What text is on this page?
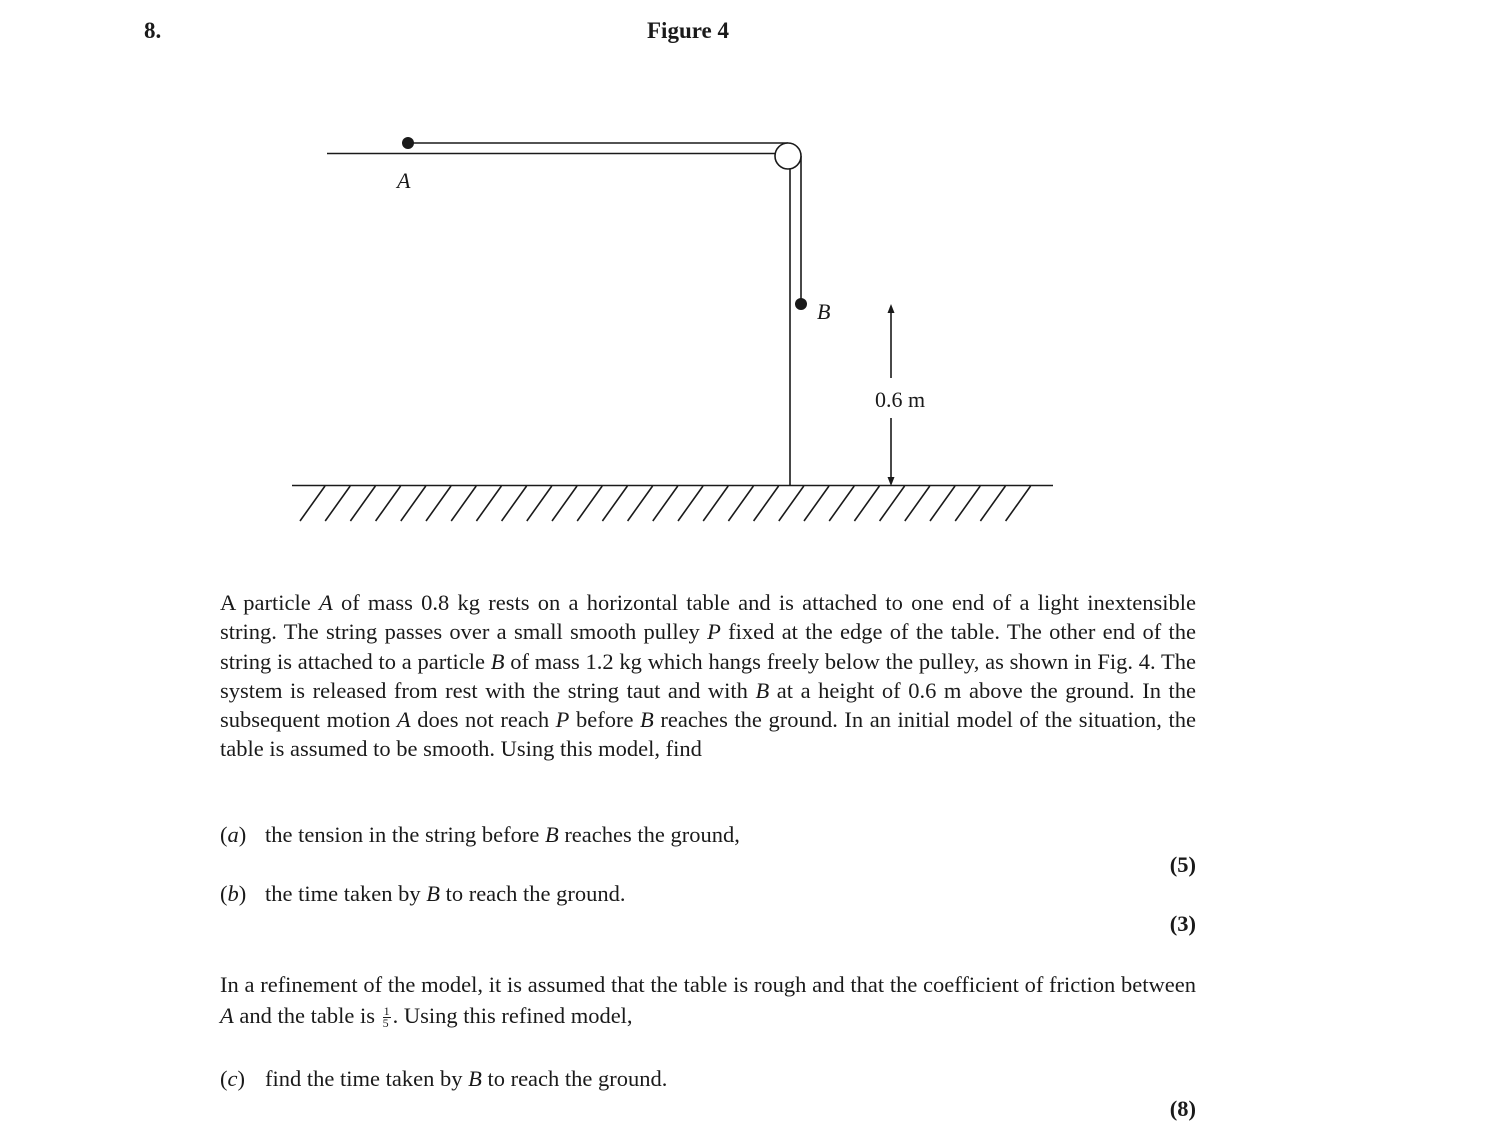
8.	Figure 4
A
B
0.6 m
A particle A of mass 0.8 kg rests on a horizontal table and is attached to one end of a light inextensible string. The string passes over a small smooth pulley P fixed at the edge of the table. The other end of the string is attached to a particle B of mass 1.2 kg which hangs freely below the pulley, as shown in Fig. 4. The system is released from rest with the string taut and with B at a height of 0.6 m above the ground. In the subsequent motion A does not reach P before B reaches the ground. In an initial model of the situation, the table is assumed to be smooth. Using this model, find
(a) the tension in the string before B reaches the ground,
(5)
(b) the time taken by B to reach the ground.
(3)
In a refinement of the model, it is assumed that the table is rough and that the coefficient of friction between A and the table is $\frac{1}{5}$ . Using this refined model,
(c) find the time taken by B to reach the ground.
(8)
